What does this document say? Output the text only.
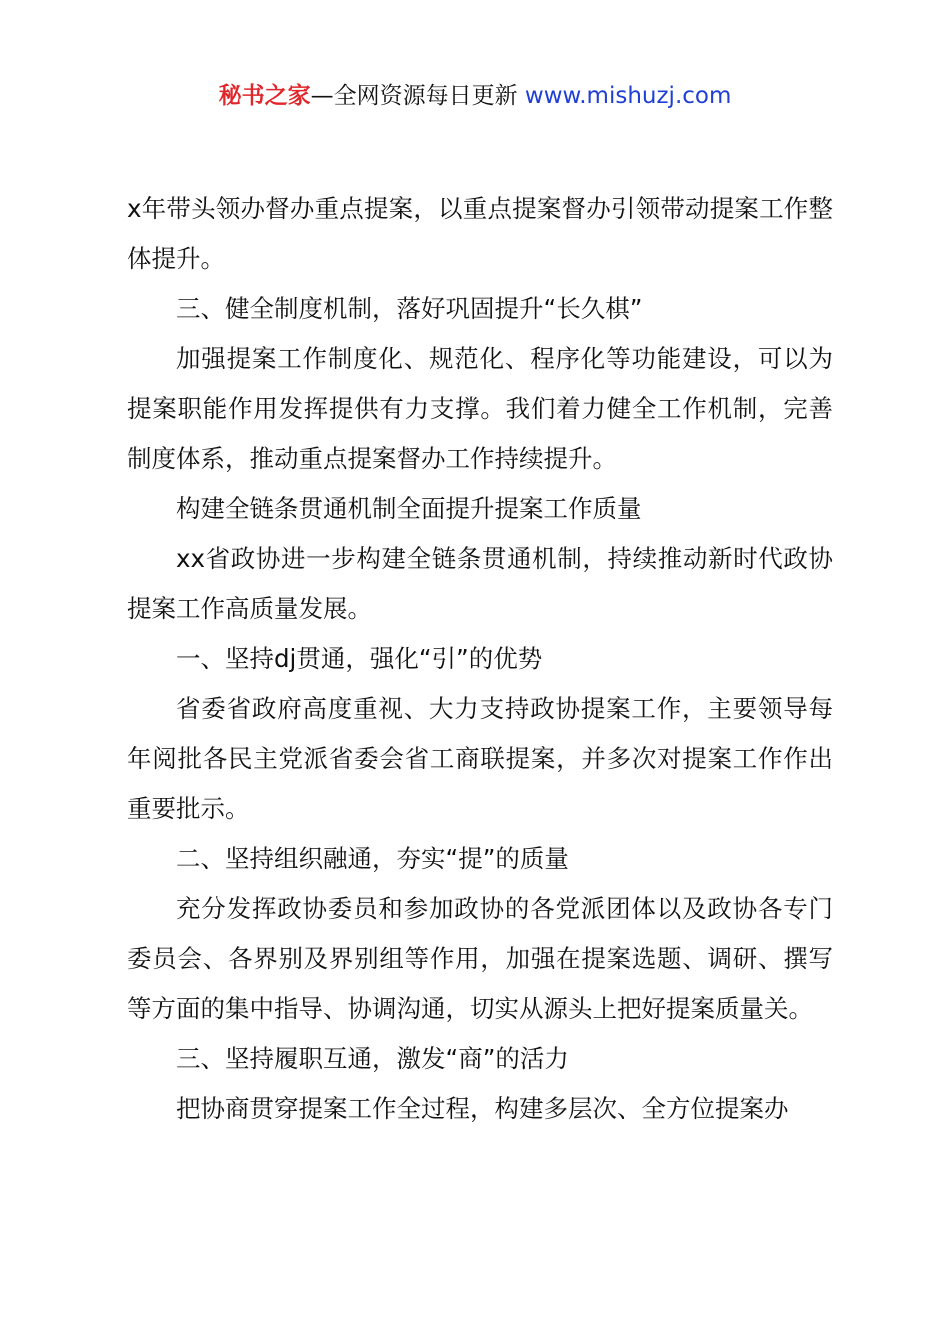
秘书之家—全网资源每日更新 www.mishuzj.com

x年带头领办督办重点提案，以重点提案督办引领带动提案工作整体提升。

三、健全制度机制，落好巩固提升“长久棋”

加强提案工作制度化、规范化、程序化等功能建设，可以为提案职能作用发挥提供有力支撑。我们着力健全工作机制，完善制度体系，推动重点提案督办工作持续提升。

构建全链条贯通机制全面提升提案工作质量

xx省政协进一步构建全链条贯通机制，持续推动新时代政协提案工作高质量发展。

一、坚持dj贯通，强化“引”的优势

省委省政府高度重视、大力支持政协提案工作，主要领导每年阅批各民主党派省委会省工商联提案，并多次对提案工作作出重要批示。

二、坚持组织融通，夯实“提”的质量

充分发挥政协委员和参加政协的各党派团体以及政协各专门委员会、各界别及界别组等作用，加强在提案选题、调研、撰写等方面的集中指导、协调沟通，切实从源头上把好提案质量关。

三、坚持履职互通，激发“商”的活力

把协商贯穿提案工作全过程，构建多层次、全方位提案办
